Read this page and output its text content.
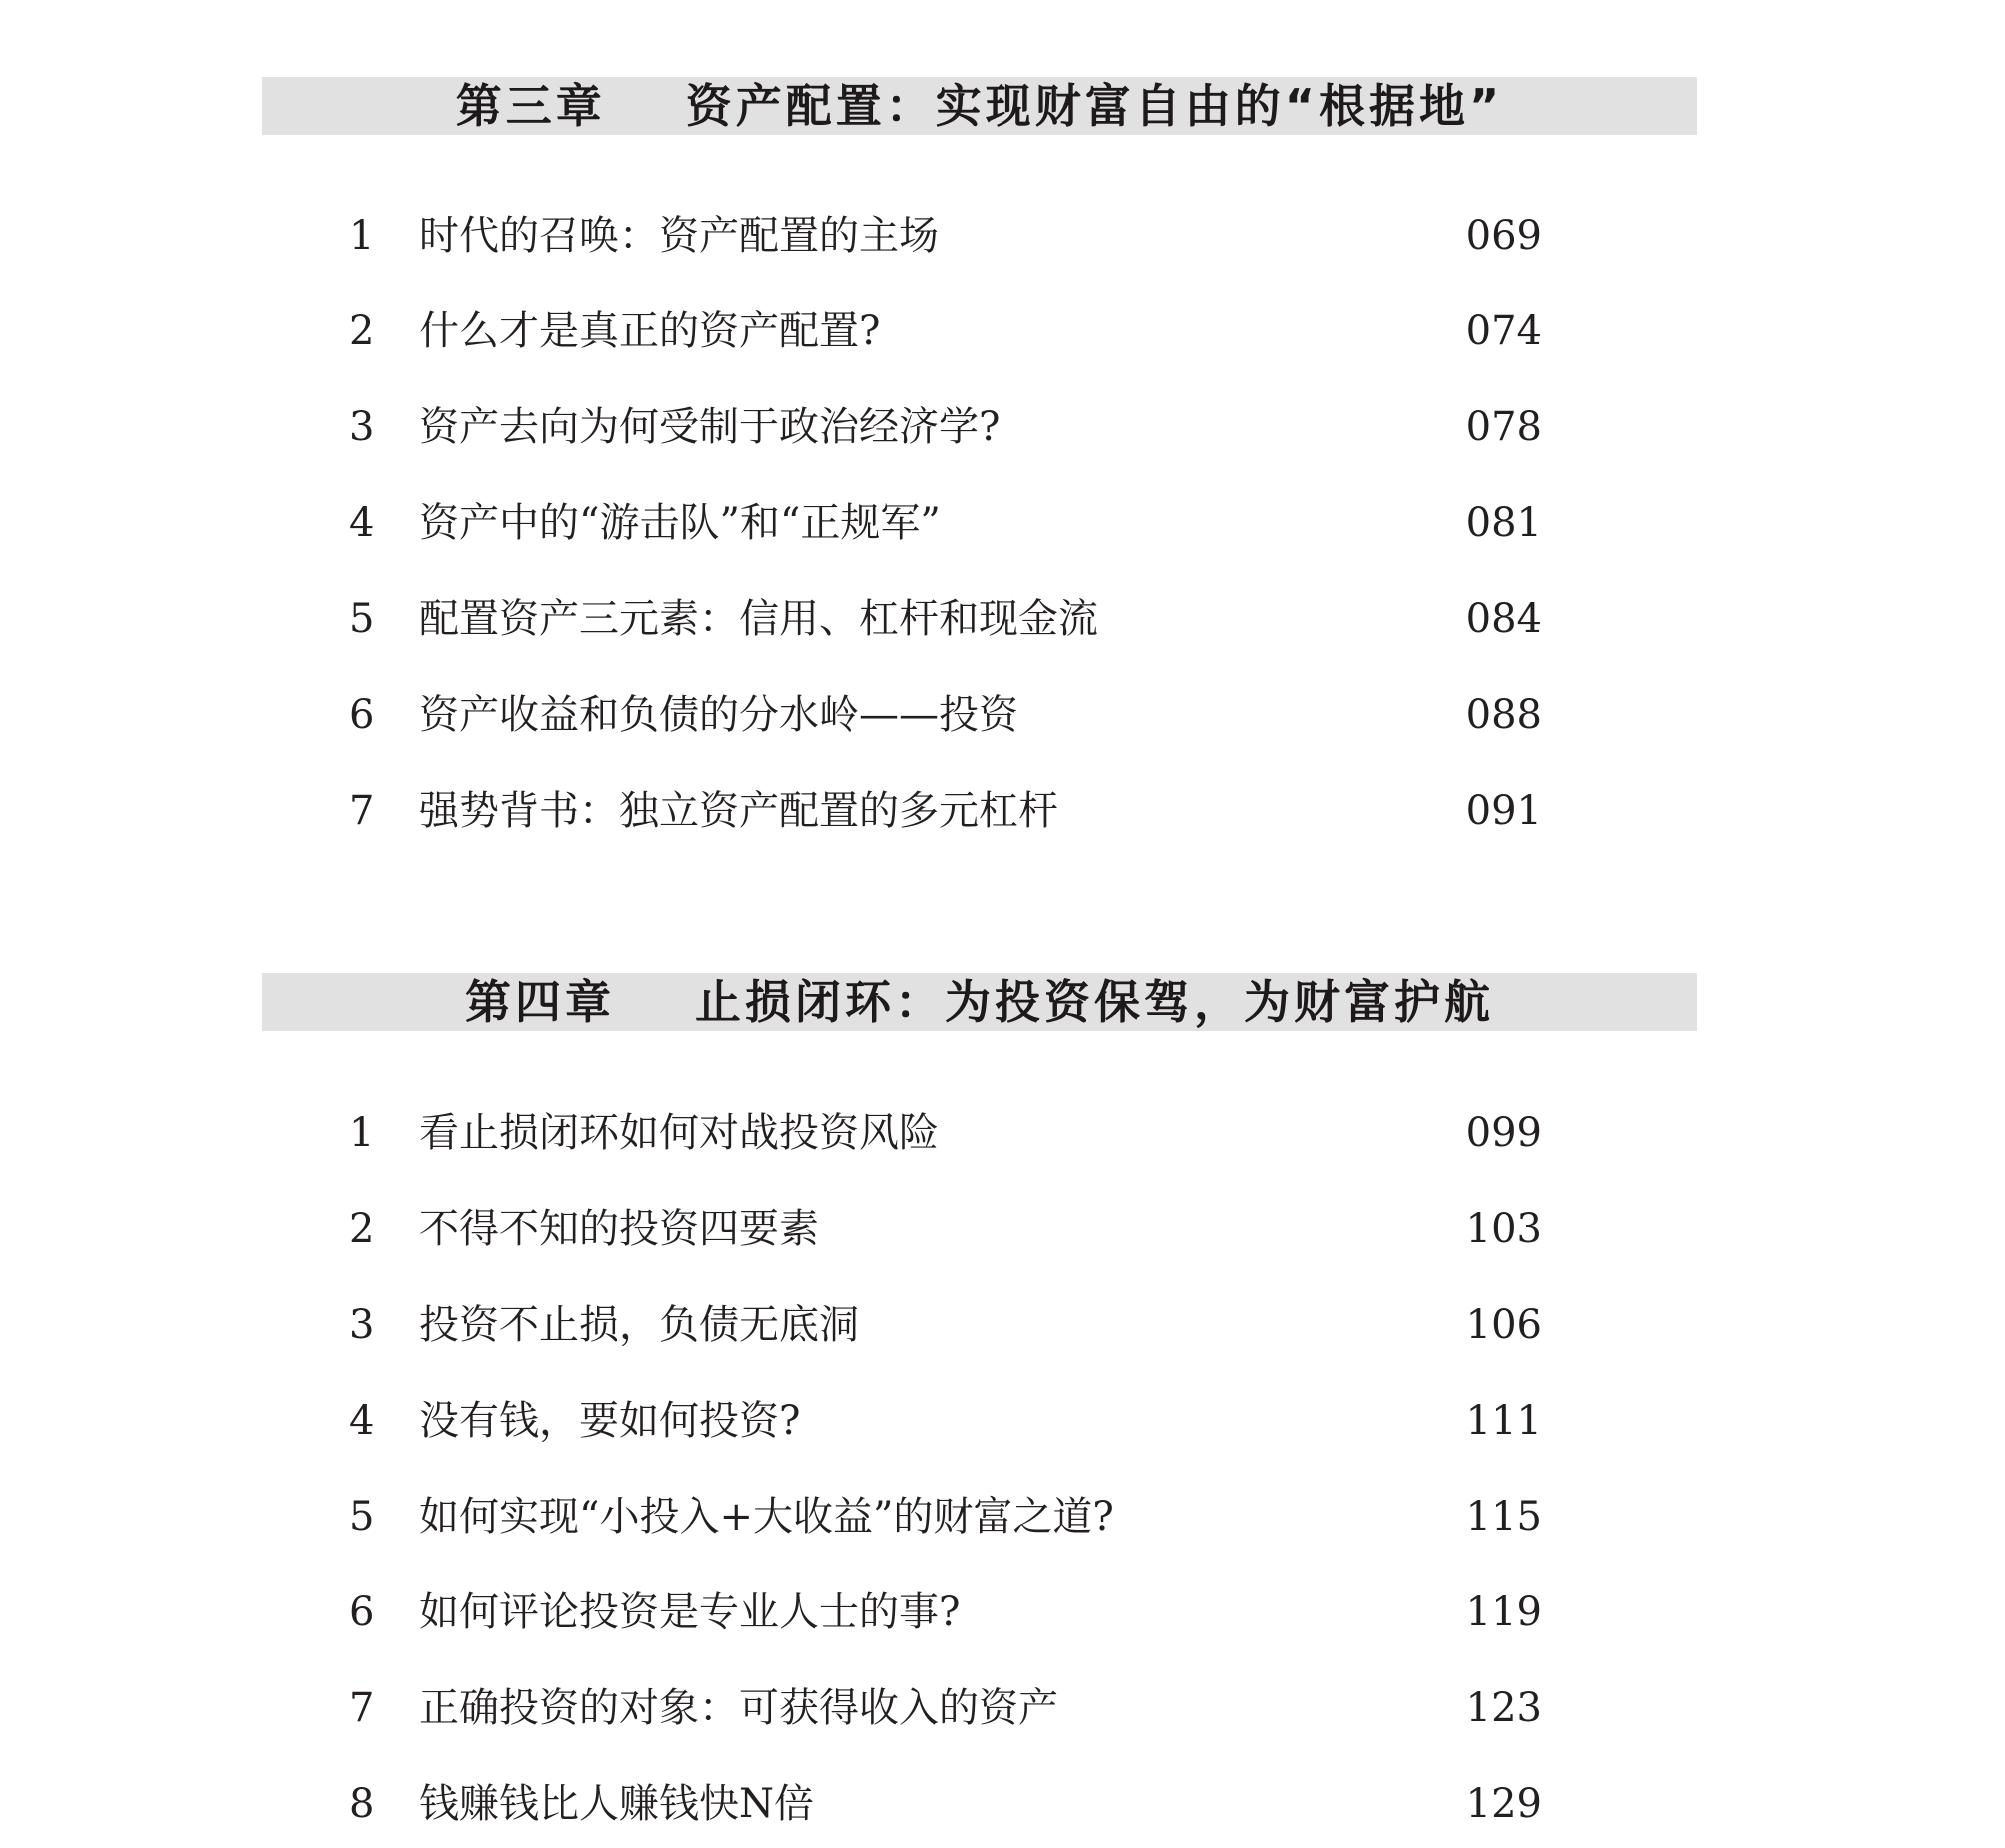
第三章    资产配置：实现财富自由的“根据地”
1	时代的召唤：资产配置的主场	069
2	什么才是真正的资产配置?	074
3	资产去向为何受制于政治经济学?	078
4	资产中的“游击队”和“正规军”	081
5	配置资产三元素：信用、杠杆和现金流	084
6	资产收益和负债的分水岭——投资	088
7	强势背书：独立资产配置的多元杠杆	091
第四章    止损闭环：为投资保驾，为财富护航
1	看止损闭环如何对战投资风险	099
2	不得不知的投资四要素	103
3	投资不止损，负债无底洞	106
4	没有钱，要如何投资?	111
5	如何实现“小投入+大收益”的财富之道?	115
6	如何评论投资是专业人士的事?	119
7	正确投资的对象：可获得收入的资产	123
8	钱赚钱比人赚钱快N倍	129
